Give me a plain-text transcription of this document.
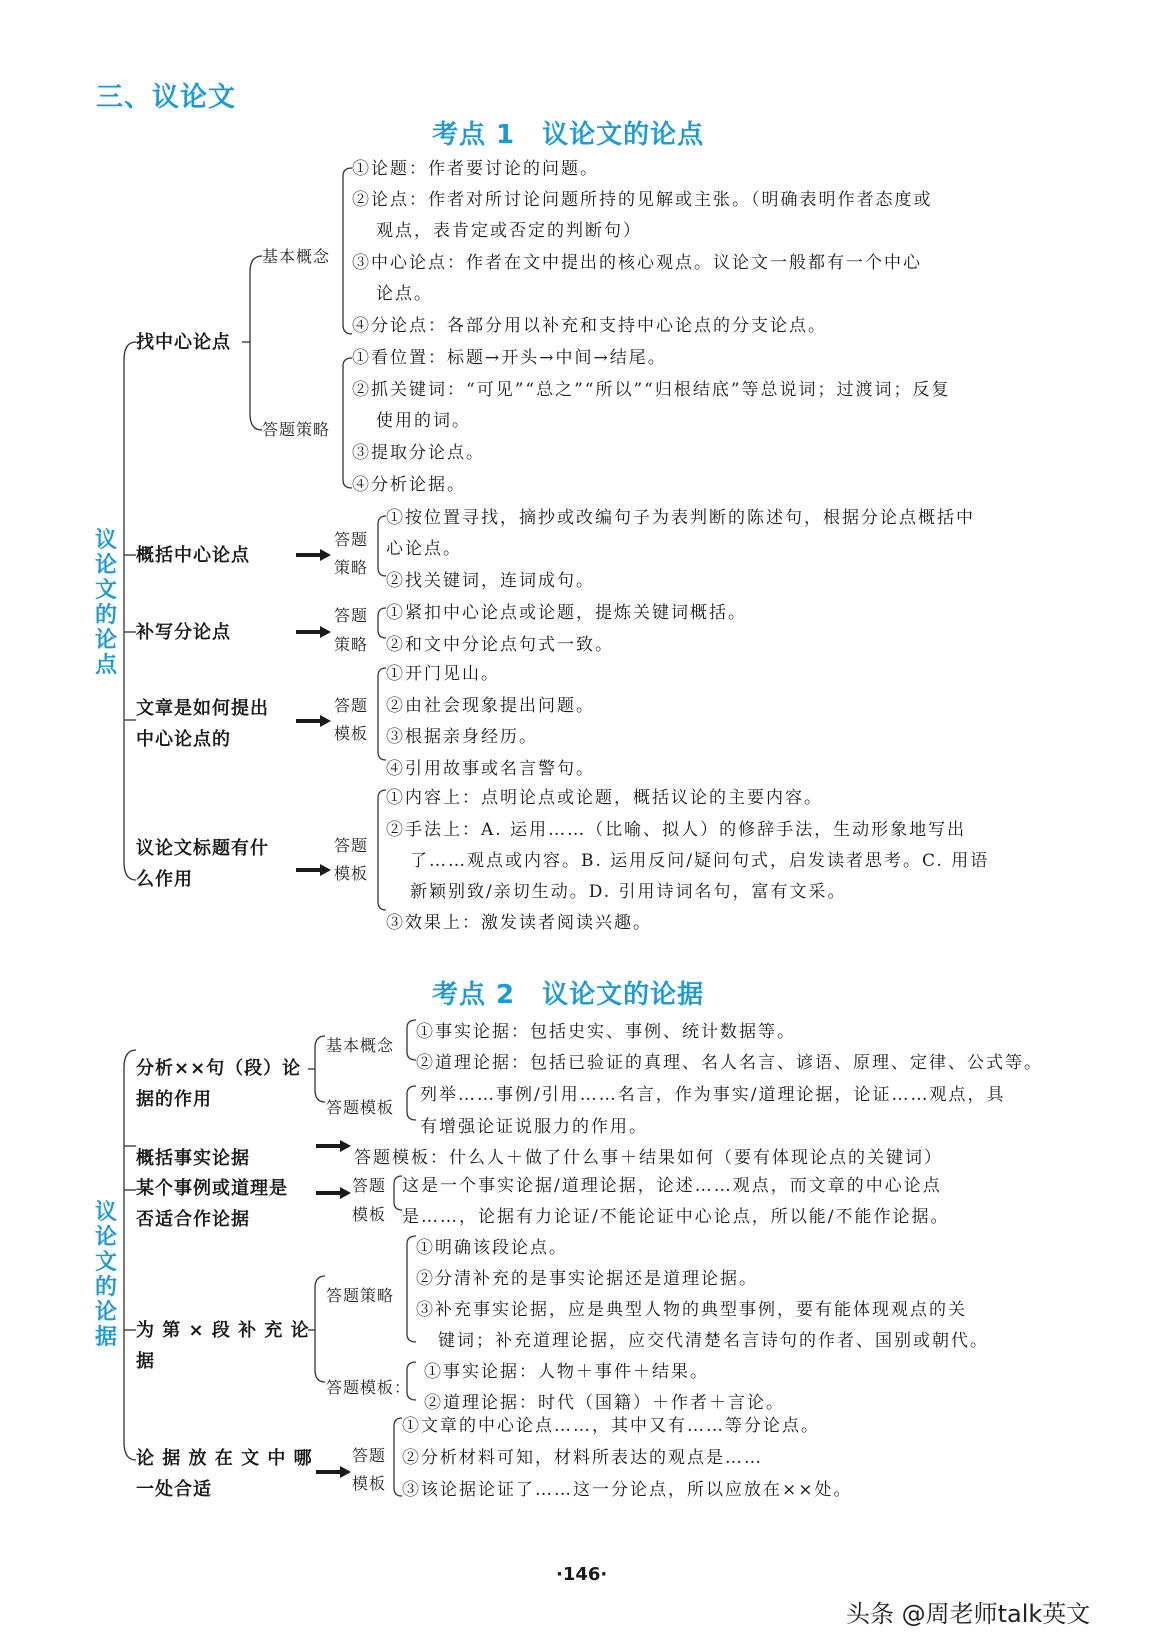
三、议论文
考点 1　议论文的论点
议论文的论点
找中心论点
基本概念
答题策略
①论题：作者要讨论的问题。
②论点：作者对所讨论问题所持的见解或主张。（明确表明作者态度或
观点，表肯定或否定的判断句）
③中心论点：作者在文中提出的核心观点。议论文一般都有一个中心
论点。
④分论点：各部分用以补充和支持中心论点的分支论点。
①看位置：标题→开头→中间→结尾。
②抓关键词：“可见”“总之”“所以”“归根结底”等总说词；过渡词；反复
使用的词。
③提取分论点。
④分析论据。
概括中心论点
答题
策略
①按位置寻找，摘抄或改编句子为表判断的陈述句，根据分论点概括中
心论点。
②找关键词，连词成句。
补写分论点
答题
策略
①紧扣中心论点或论题，提炼关键词概括。
②和文中分论点句式一致。
文章是如何提出
中心论点的
答题
模板
①开门见山。
②由社会现象提出问题。
③根据亲身经历。
④引用故事或名言警句。
议论文标题有什
么作用
答题
模板
①内容上：点明论点或论题，概括议论的主要内容。
②手法上：A. 运用……（比喻、拟人）的修辞手法，生动形象地写出
了……观点或内容。B. 运用反问/疑问句式，启发读者思考。C. 用语
新颖别致/亲切生动。D. 引用诗词名句，富有文采。
③效果上：激发读者阅读兴趣。
考点 2　议论文的论据
议论文的论据
分析××句（段）论
据的作用
基本概念
答题模板
①事实论据：包括史实、事例、统计数据等。
②道理论据：包括已验证的真理、名人名言、谚语、原理、定律、公式等。
列举……事例/引用……名言，作为事实/道理论据，论证……观点，具
有增强论证说服力的作用。
概括事实论据	答题模板：什么人＋做了什么事＋结果如何（要有体现论点的关键词）
某个事例或道理是
否适合作论据
答题
模板
这是一个事实论据/道理论据，论述……观点，而文章的中心论点
是……，论据有力论证/不能论证中心论点，所以能/不能作论据。
为 第 × 段 补 充 论
据
答题策略
答题模板：
①明确该段论点。
②分清补充的是事实论据还是道理论据。
③补充事实论据，应是典型人物的典型事例，要有能体现观点的关
键词；补充道理论据，应交代清楚名言诗句的作者、国别或朝代。
①事实论据：人物＋事件＋结果。
②道理论据：时代（国籍）＋作者＋言论。
论 据 放 在 文 中 哪
一处合适
答题
模板
①文章的中心论点……，其中又有……等分论点。
②分析材料可知，材料所表达的观点是……
③该论据论证了……这一分论点，所以应放在××处。
·146·
头条 @周老师talk英文
